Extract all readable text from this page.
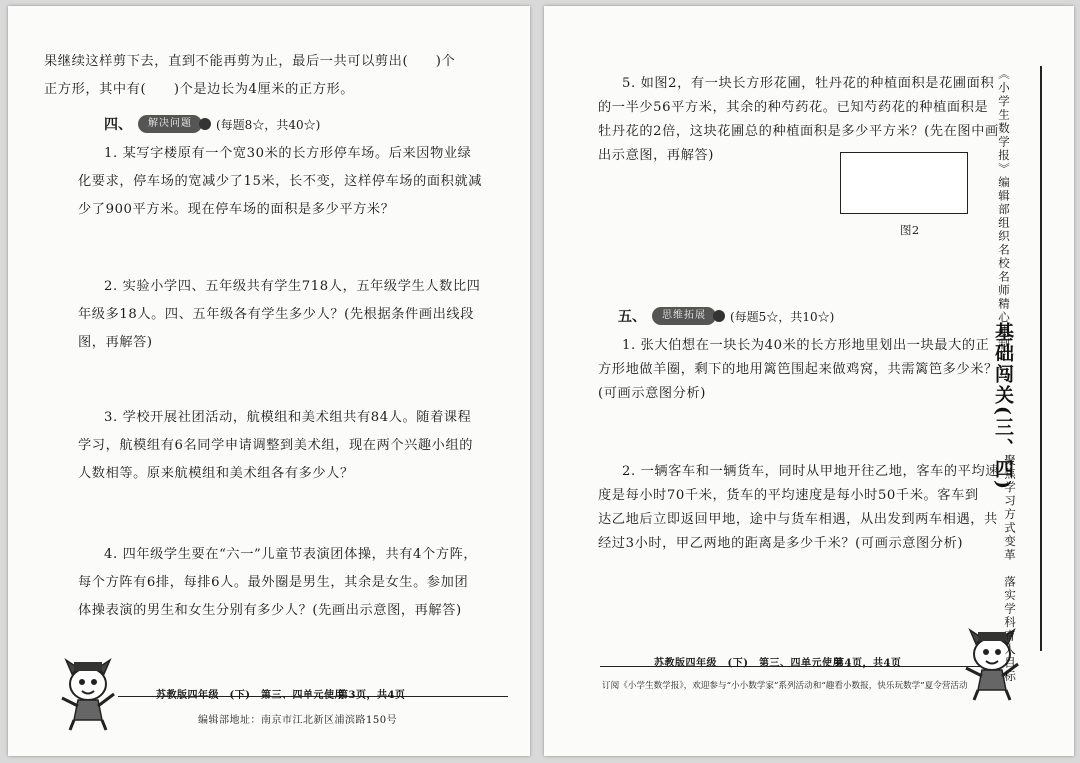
果继续这样剪下去，直到不能再剪为止，最后一共可以剪出(　　)个
正方形，其中有(　　)个是边长为4厘米的正方形。
四、	解决问题	(每题8☆，共40☆)
1. 某写字楼原有一个宽30米的长方形停车场。后来因物业绿
化要求，停车场的宽减少了15米，长不变，这样停车场的面积就减
少了900平方米。现在停车场的面积是多少平方米？
2. 实验小学四、五年级共有学生718人，五年级学生人数比四
年级多18人。四、五年级各有学生多少人？(先根据条件画出线段
图，再解答)
3. 学校开展社团活动，航模组和美术组共有84人。随着课程
学习，航模组有6名同学申请调整到美术组，现在两个兴趣小组的
人数相等。原来航模组和美术组各有多少人？
4. 四年级学生要在“六一”儿童节表演团体操，共有4个方阵，
每个方阵有6排，每排6人。最外圈是男生，其余是女生。参加团
体操表演的男生和女生分别有多少人？(先画出示意图，再解答)
苏教版四年级　(下)　第三、四单元使用
第3页，共4页
编辑部地址：南京市江北新区浦滨路150号
5. 如图2，有一块长方形花圃，牡丹花的种植面积是花圃面积
的一半少56平方米，其余的种芍药花。已知芍药花的种植面积是
牡丹花的2倍，这块花圃总的种植面积是多少平方米？(先在图中画
出示意图，再解答)
图2
五、	思维拓展	(每题5☆，共10☆)
1. 张大伯想在一块长为40米的长方形地里划出一块最大的正
方形地做羊圈，剩下的地用篱笆围起来做鸡窝，共需篱笆多少米？
(可画示意图分析)
2. 一辆客车和一辆货车，同时从甲地开往乙地，客车的平均速
度是每小时70千米，货车的平均速度是每小时50千米。客车到
达乙地后立即返回甲地，途中与货车相遇，从出发到两车相遇，共
经过3小时，甲乙两地的距离是多少千米？(可画示意图分析)
苏教版四年级　(下)　第三、四单元使用
第4页，共4页
订阅《小学生数学报》，欢迎参与“小小数学家”系列活动和“趣看小数报，快乐玩数学”夏令营活动
《小学生数学报》编辑部组织名校名师精心研制
基础闯关(三、四)
聚焦学习方式变革　落实学科育人目标
